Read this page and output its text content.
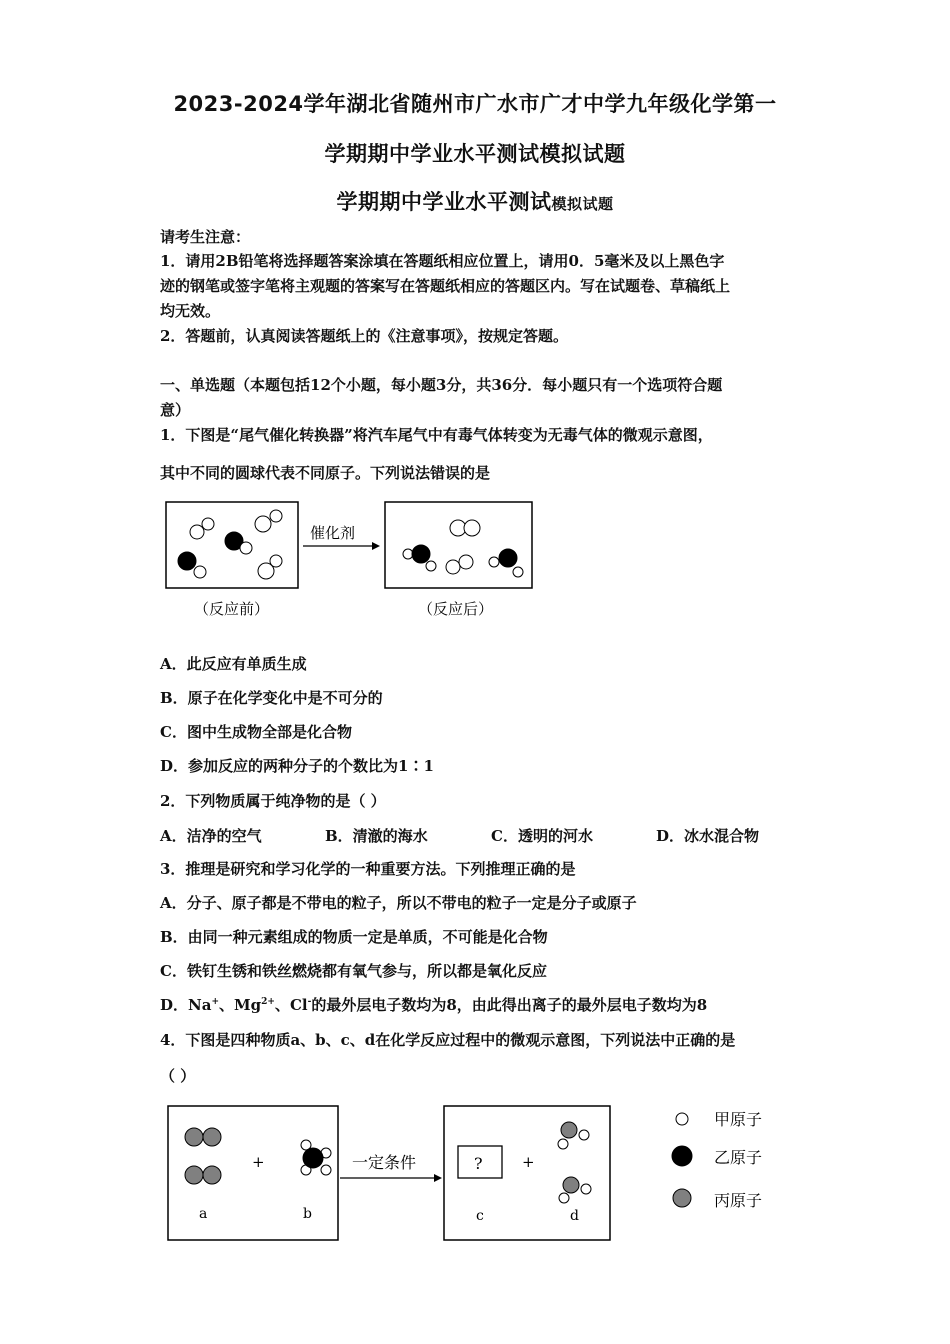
2023-2024学年湖北省随州市广水市广才中学九年级化学第一
学期期中学业水平测试模拟试题
学期期中学业水平测试模拟试题
请考生注意：
1．请用2B铅笔将选择题答案涂填在答题纸相应位置上，请用0．5毫米及以上黑色字
迹的钢笔或签字笔将主观题的答案写在答题纸相应的答题区内。写在试题卷、草稿纸上
均无效。
2．答题前，认真阅读答题纸上的《注意事项》，按规定答题。
一、单选题（本题包括12个小题，每小题3分，共36分．每小题只有一个选项符合题
意）
1．下图是“尾气催化转换器”将汽车尾气中有毒气体转变为无毒气体的微观示意图，
其中不同的圆球代表不同原子。下列说法错误的是
催化剂
（反应前）	（反应后）
A．此反应有单质生成
B．原子在化学变化中是不可分的
C．图中生成物全部是化合物
D．参加反应的两种分子的个数比为1∶1
2．下列物质属于纯净物的是（ ）
A．洁净的空气	B．清澈的海水	C．透明的河水	D．冰水混合物
3．推理是研究和学习化学的一种重要方法。下列推理正确的是
A．分子、原子都是不带电的粒子，所以不带电的粒子一定是分子或原子
B．由同一种元素组成的物质一定是单质，不可能是化合物
C．铁钉生锈和铁丝燃烧都有氧气参与，所以都是氧化反应
D．Na+、$Mg^{2+}$、Cl-的最外层电子数均为8，由此得出离子的最外层电子数均为8
4．下图是四种物质a、b、c、d在化学反应过程中的微观示意图，下列说法中正确的是
（ ）
+
a	b
一定条件	?	+
c	d
甲原子
乙原子
丙原子
